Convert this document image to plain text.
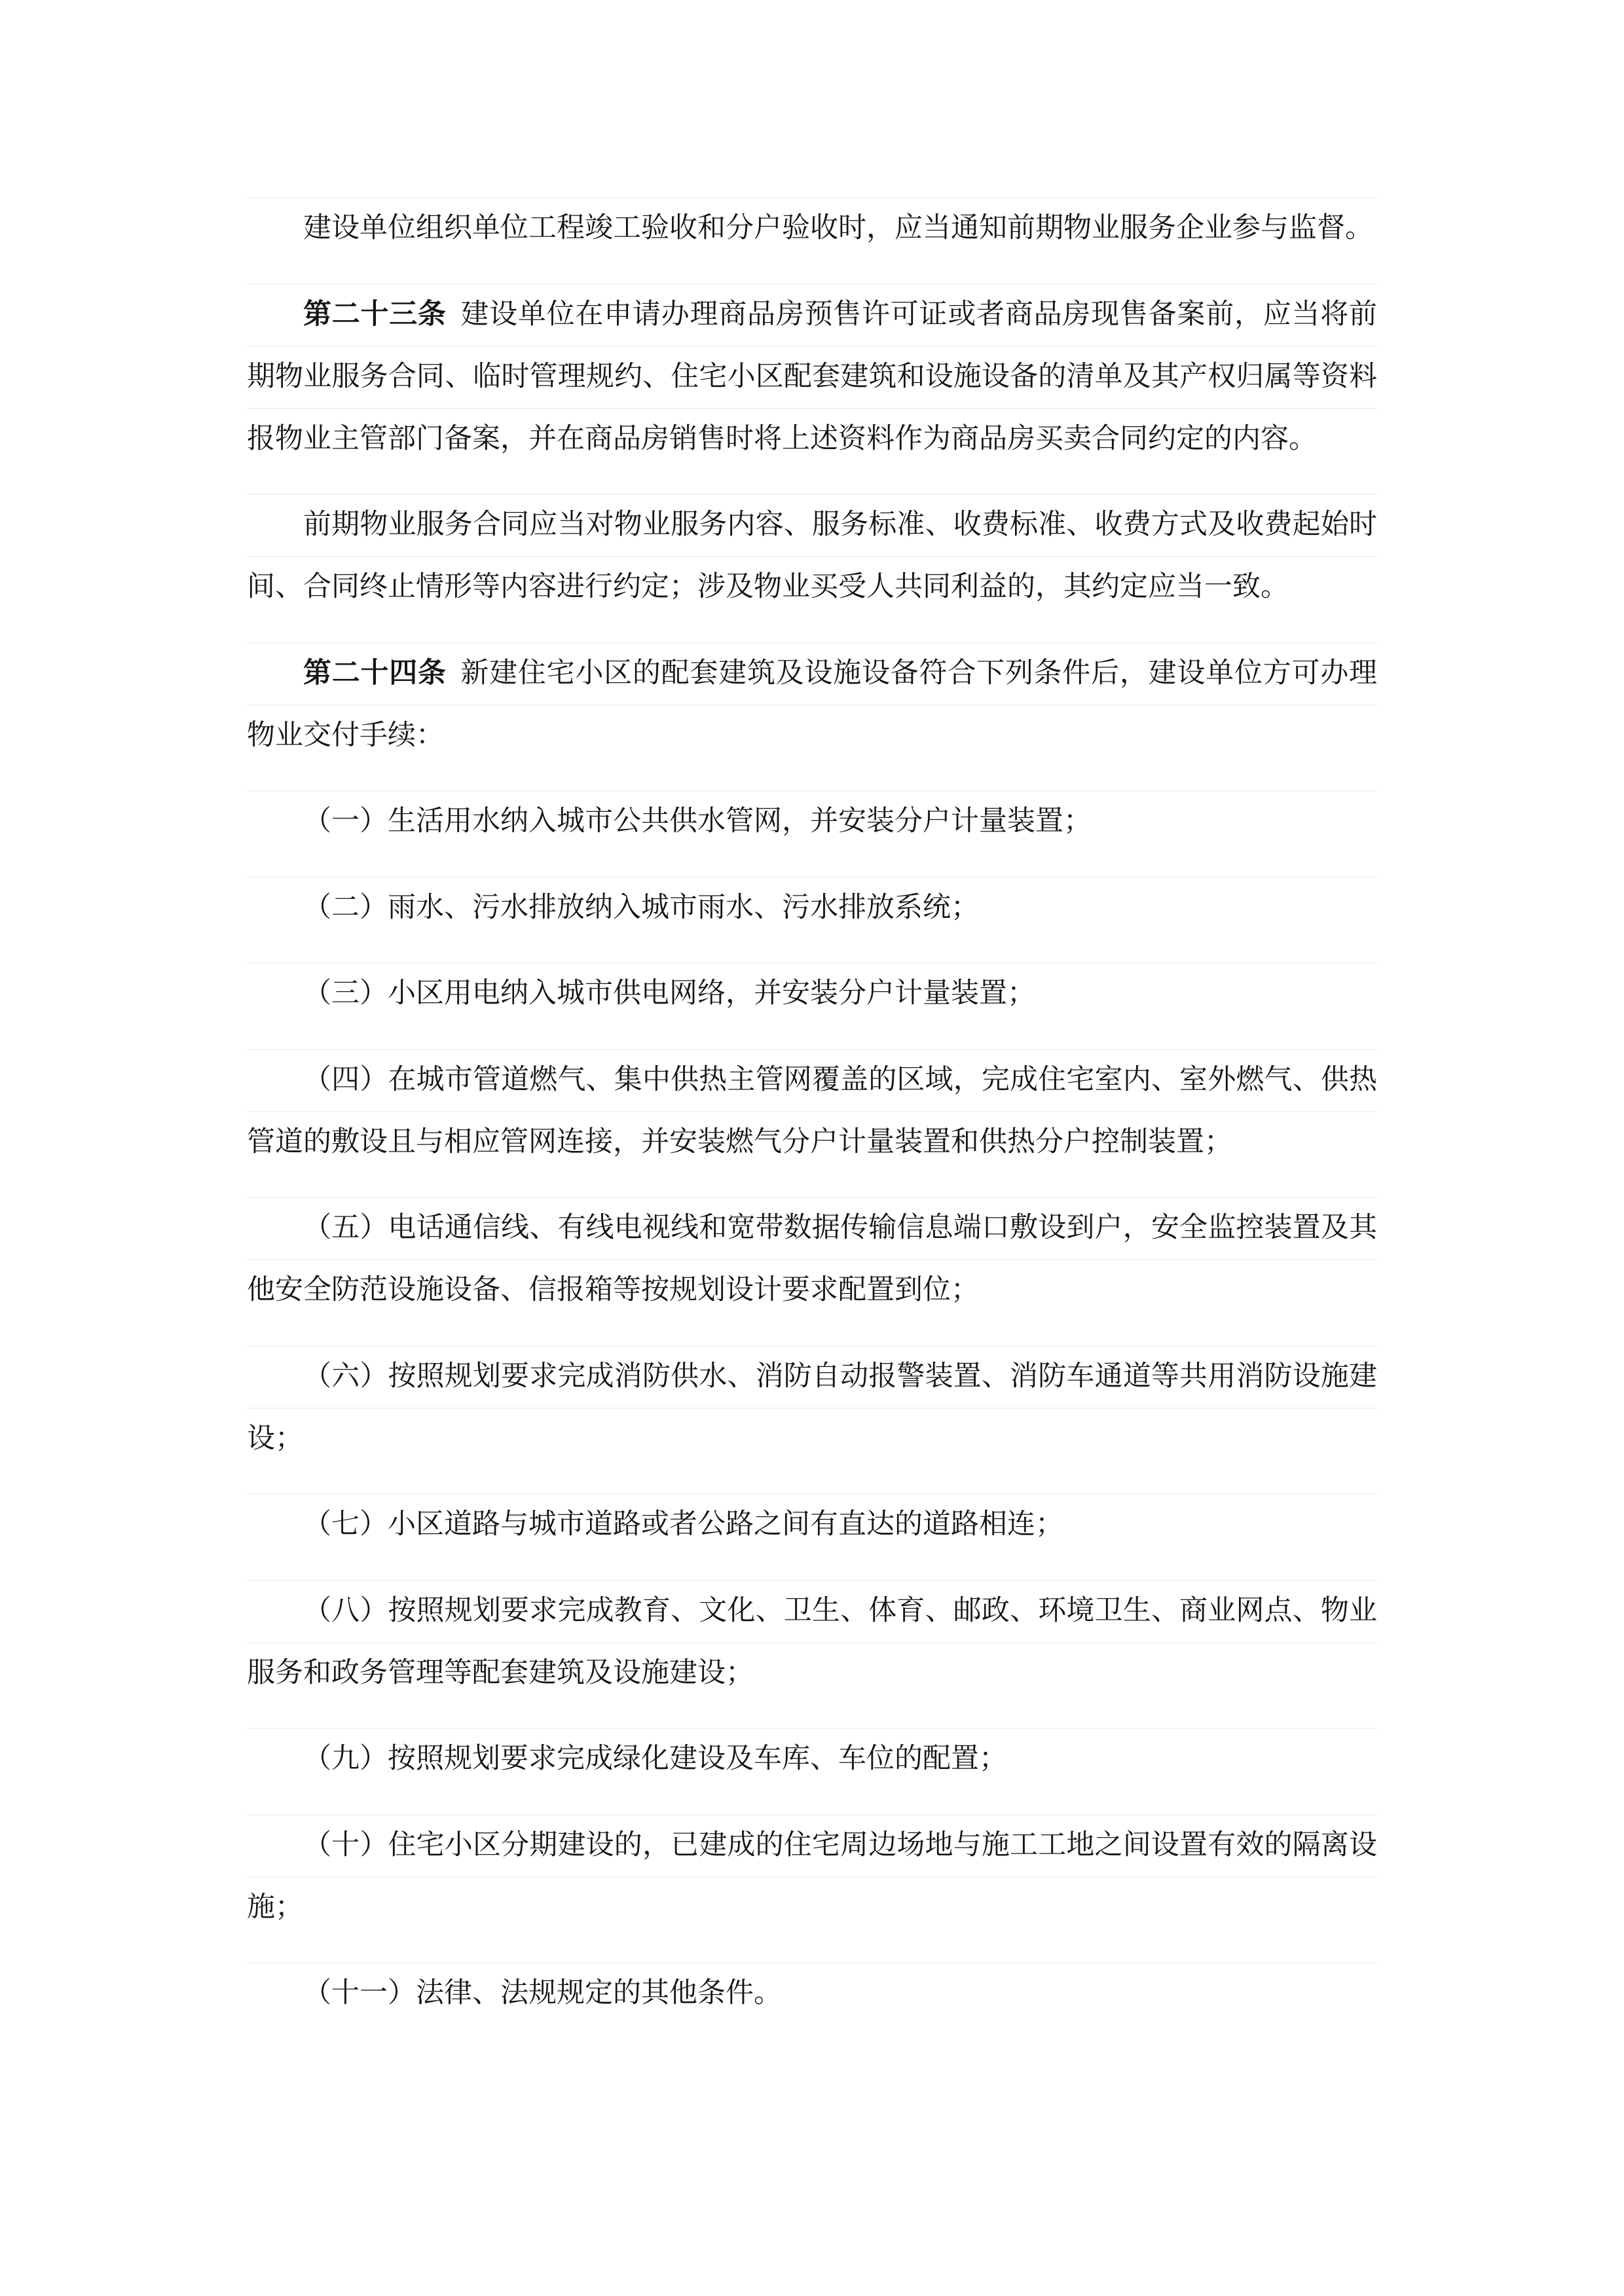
建设单位组织单位工程竣工验收和分户验收时，应当通知前期物业服务企业参与监督。

第二十三条 建设单位在申请办理商品房预售许可证或者商品房现售备案前，应当将前期物业服务合同、临时管理规约、住宅小区配套建筑和设施设备的清单及其产权归属等资料报物业主管部门备案，并在商品房销售时将上述资料作为商品房买卖合同约定的内容。

前期物业服务合同应当对物业服务内容、服务标准、收费标准、收费方式及收费起始时间、合同终止情形等内容进行约定；涉及物业买受人共同利益的，其约定应当一致。

第二十四条 新建住宅小区的配套建筑及设施设备符合下列条件后，建设单位方可办理物业交付手续：

（一）生活用水纳入城市公共供水管网，并安装分户计量装置；

（二）雨水、污水排放纳入城市雨水、污水排放系统；

（三）小区用电纳入城市供电网络，并安装分户计量装置；

（四）在城市管道燃气、集中供热主管网覆盖的区域，完成住宅室内、室外燃气、供热管道的敷设且与相应管网连接，并安装燃气分户计量装置和供热分户控制装置；

（五）电话通信线、有线电视线和宽带数据传输信息端口敷设到户，安全监控装置及其他安全防范设施设备、信报箱等按规划设计要求配置到位；

（六）按照规划要求完成消防供水、消防自动报警装置、消防车通道等共用消防设施建设；

（七）小区道路与城市道路或者公路之间有直达的道路相连；

（八）按照规划要求完成教育、文化、卫生、体育、邮政、环境卫生、商业网点、物业服务和政务管理等配套建筑及设施建设；

（九）按照规划要求完成绿化建设及车库、车位的配置；

（十）住宅小区分期建设的，已建成的住宅周边场地与施工工地之间设置有效的隔离设施；

（十一）法律、法规规定的其他条件。
